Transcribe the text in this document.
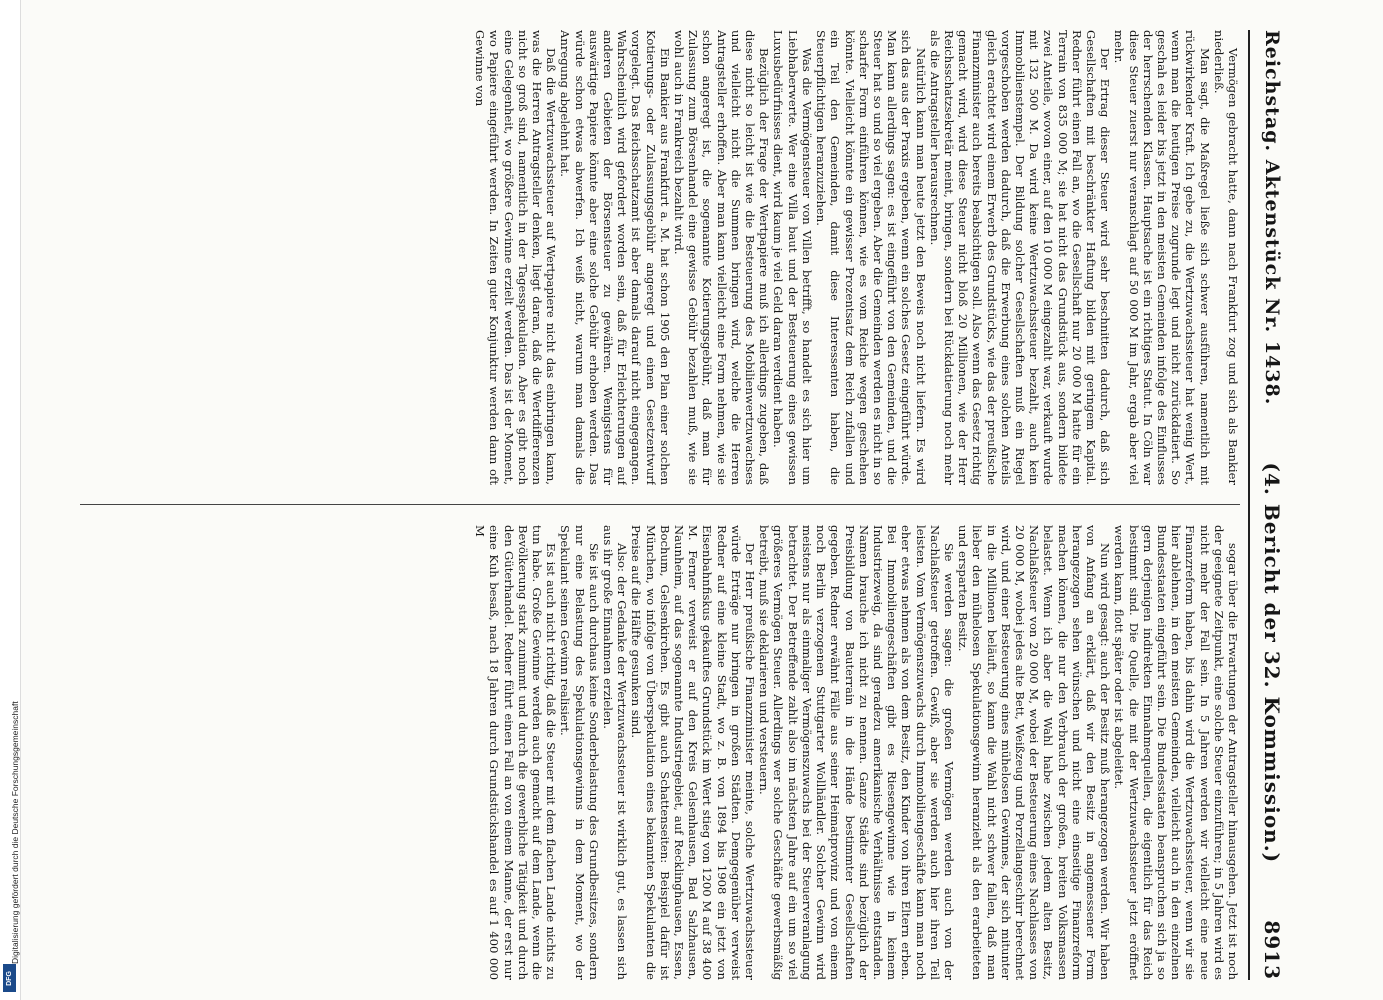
Digitalisierung gefördert durch die Deutsche Forschungsgemeinschaft
DFG
Reichstag. Aktenstück Nr. 1438.
(4. Bericht der 32. Kommission.)
8913

Vermögen gebracht hatte, dann nach Frankfurt zog und sich als Bankier niederließ.

Man sagt, die Maßregel ließe sich schwer ausführen, namentlich mit rückwirkender Kraft. Ich gebe zu, die Wertzuwachssteuer hat wenig Wert, wenn man die heutigen Preise zugrunde legt und nicht zurückdatiert. So geschah es leider bis jetzt in den meisten Gemeinden infolge des Einflusses der herrschenden Klassen. Hauptsache ist ein richtiges Statut. In Cöln war diese Steuer zuerst nur veranschlagt auf 50 000 M im Jahr, ergab aber viel mehr.

Der Ertrag dieser Steuer wird sehr beschnitten dadurch, daß sich Gesellschaften mit beschränkter Haftung bilden mit geringem Kapital. Redner führt einen Fall an, wo die Gesellschaft nur 20 000 M hatte für ein Terrain von 835 000 M; sie hat nicht das Grundstück aus, sondern bildete zwei Anteile, wovon einer, auf den 10 000 M eingezahlt war, verkauft wurde mit 132 500 M. Da wird keine Wertzuwachssteuer bezahlt, auch kein Immobilienstempel. Der Bildung solcher Gesellschaften muß ein Riegel vorgeschoben werden dadurch, daß die Erwerbung eines solchen Anteils gleich erachtet wird einem Erwerb des Grundstücks, wie das der preußische Finanzminister auch bereits beabsichtigen soll. Also wenn das Gesetz richtig gemacht wird, wird diese Steuer nicht bloß 20 Millionen, wie der Herr Reichsschatzsekretär meint, bringen, sondern bei Rückdatierung noch mehr als die Antragsteller herausrechnen.

Natürlich kann man heute jetzt den Beweis noch nicht liefern. Es wird sich das aus der Praxis ergeben, wenn ein solches Gesetz eingeführt würde. Man kann allerdings sagen: es ist eingeführt von den Gemeinden, und die Steuer hat so und so viel ergeben. Aber die Gemeinden werden es nicht in so scharfer Form einführen können, wie es vom Reiche wegen geschehen könnte. Vielleicht könnte ein gewisser Prozentsatz dem Reich zufallen und ein Teil den Gemeinden, damit diese Interessenten haben, die Steuerpflichtigen heranzuziehen.

Was die Vermögensteuer von Villen betrifft, so handelt es sich hier um Liebhaberwerte. Wer eine Villa baut und der Besteuerung eines gewissen Luxusbedürfnisses dient, wird kaum je viel Geld daran verdient haben.

Bezüglich der Frage der Wertpapiere muß ich allerdings zugeben, daß diese nicht so leicht ist wie die Besteuerung des Mobilienwertzuwachses und vielleicht nicht die Summen bringen wird, welche die Herren Antragsteller erhoffen. Aber man kann vielleicht eine Form nehmen, wie sie schon angeregt ist, die sogenannte Kotierungsgebühr, daß man für Zulassung zum Börsenhandel eine gewisse Gebühr bezahlen muß, wie sie wohl auch in Frankreich bezahlt wird.

Ein Bankier aus Frankfurt a. M. hat schon 1905 den Plan einer solchen Kotierungs- oder Zulassungsgebühr angeregt und einen Gesetzentwurf vorgelegt. Das Reichsschatzamt ist aber damals darauf nicht eingegangen. Wahrscheinlich wird gefordert worden sein, daß für Erleichterungen auf anderen Gebieten der Börsensteuer zu gewähren. Wenigstens für auswärtige Papiere könnte aber eine solche Gebühr erhoben werden. Das würde schon etwas abwerfen. Ich weiß nicht, warum man damals die Anregung abgelehnt hat.

Daß die Wertzuwachssteuer auf Wertpapiere nicht das einbringen kann, was die Herren Antragsteller denken, liegt daran, daß die Wertdifferenzen nicht so groß sind, namentlich in der Tagesspekulation. Aber es gibt noch eine Gelegenheit, wo größere Gewinne erzielt werden. Das ist der Moment, wo Papiere eingeführt werden. In Zeiten guter Konjunktur werden dann oft Gewinne von

sogar über die Erwartungen der Antragsteller hinausgehen. Jetzt ist noch der geeignete Zeitpunkt, eine solche Steuer einzuführen; in 5 Jahren wird es nicht mehr der Fall sein. In 5 Jahren werden wir vielleicht eine neue Finanzreform haben, bis dahin wird die Wertzuwachssteuer, wenn wir sie hier ablehnen, in den meisten Gemeinden, vielleicht auch in den einzelnen Bundesstaaten eingeführt sein. Die Bundesstaaten beanspruchen sich ja so gern derjenigen indirekten Einnahmequellen, die eigentlich für das Reich bestimmt sind. Die Quelle, die mit der Wertzuwachssteuer jetzt eröffnet werden kann, flott später oder ist abgeleitet.

Nun wird gesagt: auch der Besitz muß herangezogen werden. Wir haben von Anfang an erklärt, daß wir den Besitz in angemessener Form herangezogen sehen wünschen und nicht eine einseitige Finanzreform machen können, die nur den Verbrauch der großen, breiten Volksmassen belastet. Wenn ich aber die Wahl habe zwischen jedem alten Besitz, Nachlaßsteuer von 20 000 M, wobei der Besteuerung eines Nachlasses von 20 000 M, wobei jedes alte Bett, Weißzeug und Porzellangeschirr berechnet wird, und einer Besteuerung eines mühelosen Gewinnes, der sich mitunter in die Millionen beläuft, so kann die Wahl nicht schwer fallen, daß man lieber den mühelosen Spekulationsgewinn heranzieht als den erarbeiteten und ersparten Besitz.

Sie werden sagen: die großen Vermögen werden auch von der Nachlaßsteuer getroffen. Gewiß, aber sie werden auch hier ihren Teil leisten. Vom Vermögenszuwachs durch Immobiliengeschäfte kann man noch eher etwas nehmen als von dem Besitz, den Kinder von ihren Eltern erben. Bei Immobiliengeschäften gibt es Riesengewinne wie in keinem Industriezweig, da sind geradezu amerikanische Verhältnisse entstanden. Namen brauche ich nicht zu nennen. Ganze Städte sind bezüglich der Preisbildung von Bauterrain in die Hände bestimmter Gesellschaften gegeben. Redner erwähnt Fälle aus seiner Heimatprovinz und von einem noch Berlin verzogenen Stuttgarter Wollhändler. Solcher Gewinn wird meistens nur als einmaliger Vermögenszuwachs bei der Steuerveranlagung betrachtet. Der Betreffende zahlt also im nächsten Jahre auf ein um so viel größeres Vermögen Steuer. Allerdings wer solche Geschäfte gewerbsmäßig betreibt, muß sie deklarieren und versteuern.

Der Herr preußische Finanzminister meinte, solche Wertzuwachssteuer würde Erträge nur bringen in großen Städten. Demgegenüber verweist Redner auf eine kleine Stadt, wo z. B. von 1894 bis 1908 ein jetzt von Eisenbahnfiskus gekauftes Grundstück im Wert stieg von 1200 M auf 38 400 M. Ferner verweist er auf den Kreis Gelsenhausen, Bad Salzhausen, Naunheim, auf das sogenannte Industriegebiet, auf Recklinghausen, Essen, Bochum, Gelsenkirchen. Es gibt auch Schattenseiten: Beispiel dafür ist München, wo infolge von Überspekulation eines bekannten Spekulanten die Preise auf die Hälfte gesunken sind.

Also: der Gedanke der Wertzuwachssteuer ist wirklich gut, es lassen sich aus ihr große Einnahmen erzielen.

Sie ist auch durchaus keine Sonderbelastung des Grundbesitzes, sondern nur eine Belastung des Spekulationsgewinns in dem Moment, wo der Spekulant seinen Gewinn realisiert.

Es ist auch nicht richtig, daß die Steuer mit dem flachen Lande nichts zu tun habe. Große Gewinne werden auch gemacht auf dem Lande, wenn die Bevölkerung stark zunimmt und durch die gewerbliche Tätigkeit und durch den Güterhandel. Redner führt einen Fall an von einem Manne, der erst nur eine Kuh besaß, nach 18 Jahren durch Grundstückshandel es auf 1 400 000 M
